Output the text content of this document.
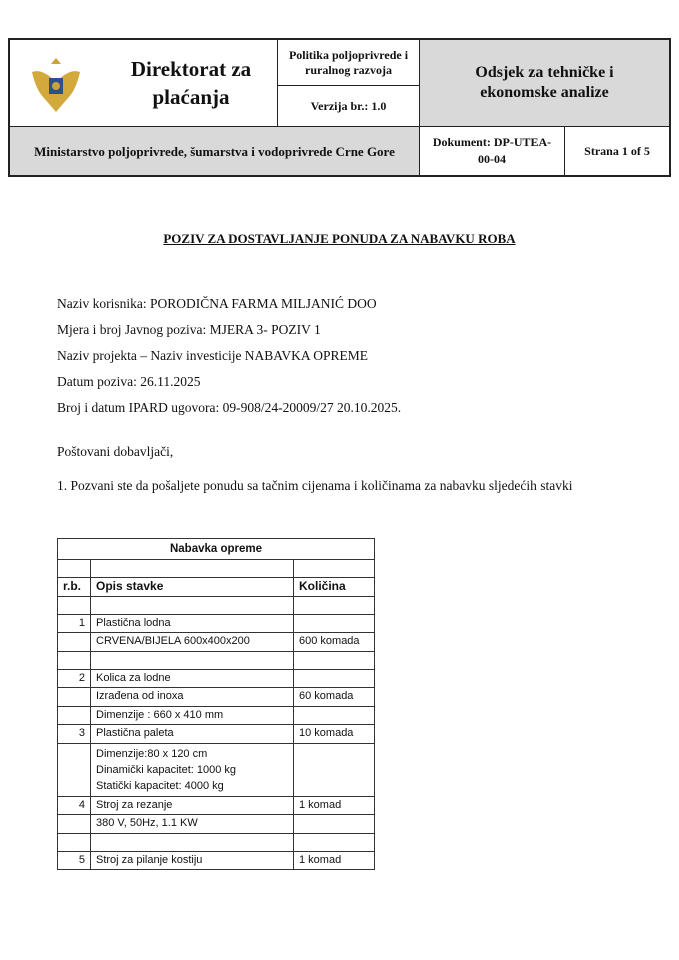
Direktorat za plaćanja
Politika poljoprivrede i ruralnog razvoja
Verzija br.: 1.0
Odsjek za tehničke i ekonomske analize
Ministarstvo poljoprivrede, šumarstva i vodoprivrede Crne Gore
Dokument: DP-UTEA-00-04
Strana 1 of 5
POZIV ZA DOSTAVLJANJE PONUDA ZA NABAVKU ROBA
Naziv korisnika: PORODIČNA FARMA MILJANIĆ DOO
Mjera i broj Javnog poziva: MJERA 3- POZIV 1
Naziv projekta – Naziv investicije NABAVKA OPREME
Datum poziva: 26.11.2025
Broj i datum IPARD ugovora: 09-908/24-20009/27 20.10.2025.
Poštovani dobavljači,
1. Pozvani ste da pošaljete ponudu sa tačnim cijenama i količinama za nabavku sljedećih stavki
Nabavka opreme		

r.b.	Opis stavke	Količina

1	Plastična lodna	
	CRVENA/BIJELA 600x400x200	600 komada

2	Kolica za lodne	
	Izrađena od inoxa	60 komada
	Dimenzije : 660 x 410 mm	
3	Plastična paleta	10 komada
	Dimenzije:80 x 120 cm
Dinamički kapacitet: 1000 kg
Statički kapacitet: 4000 kg	
4	Stroj za rezanje	1 komad
	380 V, 50Hz, 1.1 KW	

5	Stroj za pilanje kostiju	1 komad
